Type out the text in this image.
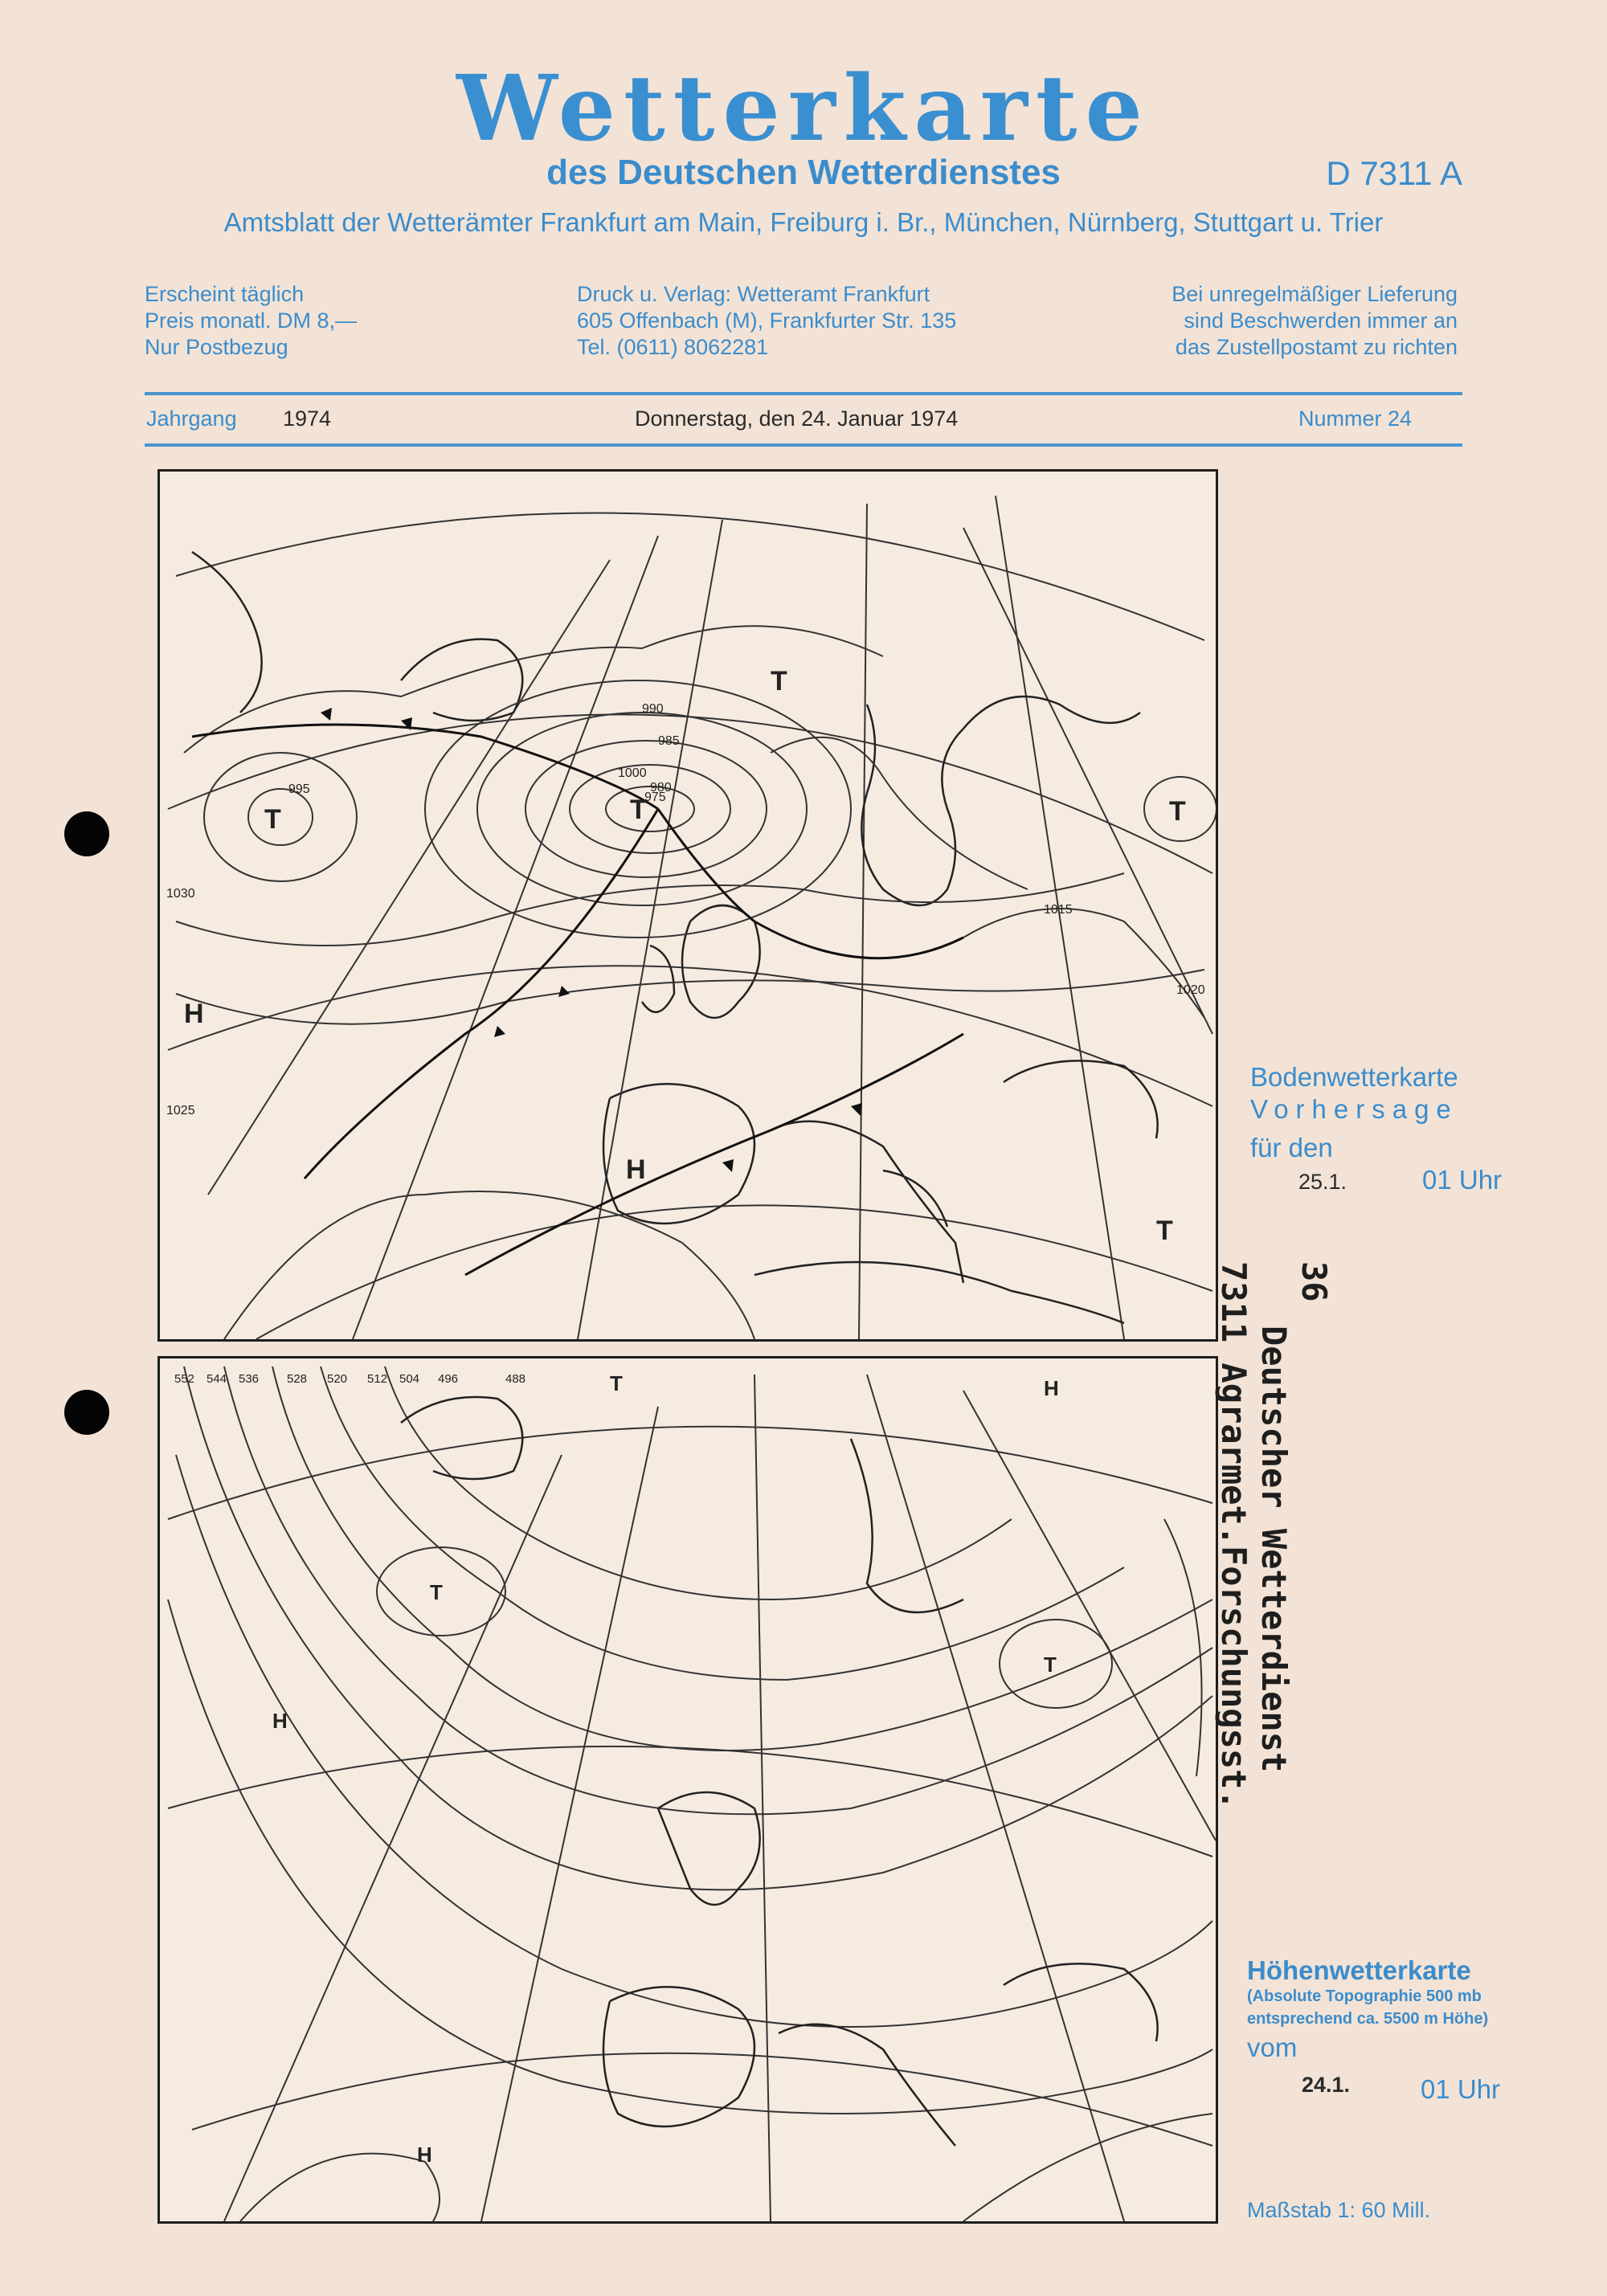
Wetterkarte
des Deutschen Wetterdienstes	D 7311 A
Amtsblatt der Wetterämter Frankfurt am Main, Freiburg i. Br., München, Nürnberg, Stuttgart u. Trier
Erscheint täglich
Preis monatl. DM 8,—
Nur Postbezug
Druck u. Verlag: Wetteramt Frankfurt
605 Offenbach (M), Frankfurter Str. 135
Tel. (0611) 8062281
Bei unregelmäßiger Lieferung
sind Beschwerden immer an
das Zustellpostamt zu richten
Jahrgang 1974	Donnerstag, den 24. Januar 1974	Nummer 24
T
T
T
T
T
H
H
1000
995
985
980
975
990
1015
1020
1025
1030
Bodenwetterkarte
Vorhersage
für den
25.1.	01 Uhr
T
T
T
H
H
H
552 544 536 528 520 512 504 496	488
Höhenwetterkarte
(Absolute Topographie 500 mb
entsprechend ca. 5500 m Höhe)
vom
24.1.	01 Uhr
Maßstab 1: 60 Mill.
36
Deutscher Wetterdienst
7311 Agrarmet.Forschungsst.
